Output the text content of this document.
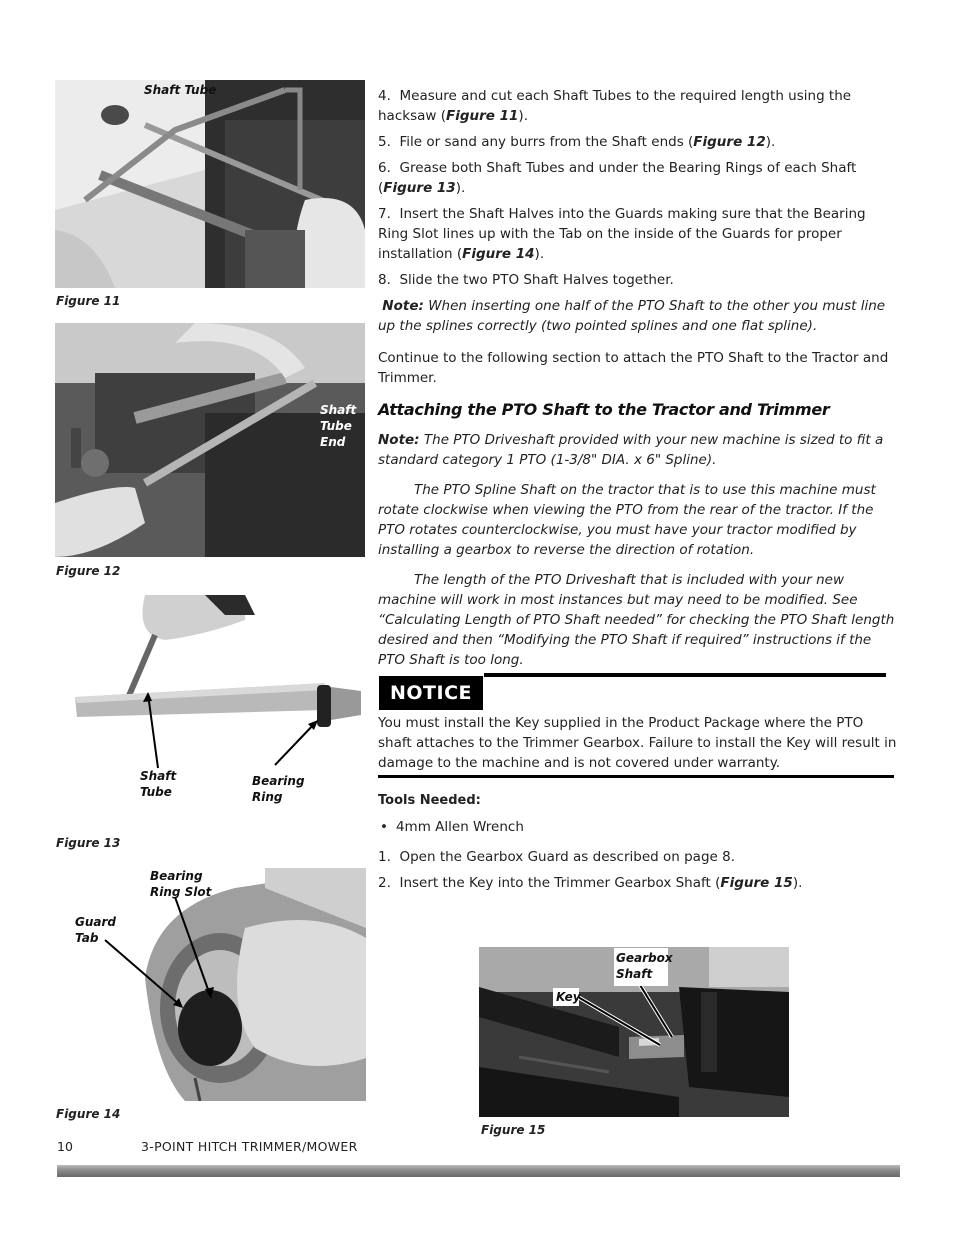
Shaft Tube
Figure 11
Shaft
Tube
End
Figure 12
Shaft
Tube
Bearing
Ring
Figure 13
Bearing
Ring Slot
Guard
Tab
Figure 14

4. Measure and cut each Shaft Tubes to the required length using the hacksaw (Figure 11).

5. File or sand any burrs from the Shaft ends (Figure 12).

6. Grease both Shaft Tubes and under the Bearing Rings of each Shaft (Figure 13).

7. Insert the Shaft Halves into the Guards making sure that the Bearing Ring Slot lines up with the Tab on the inside of the Guards for proper installation (Figure 14).

8. Slide the two PTO Shaft Halves together.

Note: When inserting one half of the PTO Shaft to the other you must line up the splines correctly (two pointed splines and one flat spline).

Continue to the following section to attach the PTO Shaft to the Tractor and Trimmer.

Attaching the PTO Shaft to the Tractor and Trimmer

Note: The PTO Driveshaft provided with your new machine is sized to fit a standard category 1 PTO (1-3/8" DIA. x 6" Spline).

The PTO Spline Shaft on the tractor that is to use this machine must rotate clockwise when viewing the PTO from the rear of the tractor. If the PTO rotates counterclockwise, you must have your tractor modified by installing a gearbox to reverse the direction of rotation.

The length of the PTO Driveshaft that is included with your new machine will work in most instances but may need to be modified. See “Calculating Length of PTO Shaft needed” for checking the PTO Shaft length desired and then “Modifying the PTO Shaft if required” instructions if the PTO Shaft is too long.

NOTICE
You must install the Key supplied in the Product Package where the PTO shaft attaches to the Trimmer Gearbox. Failure to install the Key will result in damage to the machine and is not covered under warranty.

Tools Needed:

• 4mm Allen Wrench

1. Open the Gearbox Guard as described on page 8.

2. Insert the Key into the Trimmer Gearbox Shaft (Figure 15).

Gearbox
Shaft
Key
Figure 15
10	3-POINT HITCH TRIMMER/MOWER
